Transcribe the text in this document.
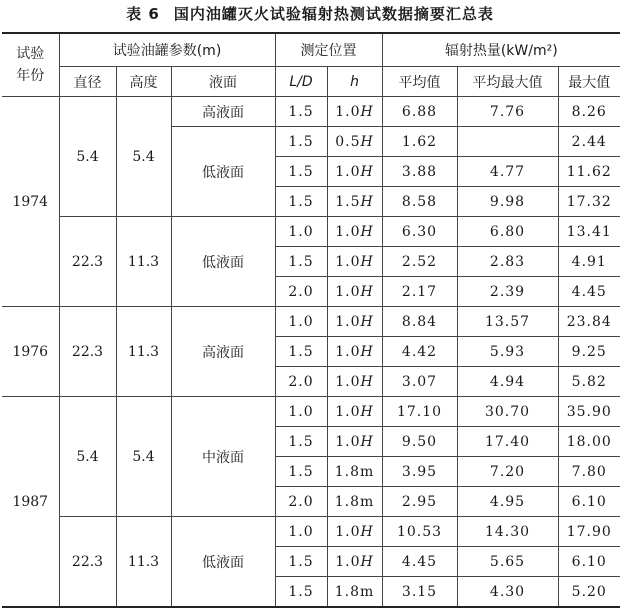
表 6 国内油罐灭火试验辐射热测试数据摘要汇总表
试验
年份	试验油罐参数(m)			测定位置		辐射热量(kW/m²)		
	直径	高度	液面	L/D	h	平均值	平均最大值	最大值
1974	5.4	5.4	高液面	1.5	1.0H	6.88	7.76	8.26
			低液面	1.5	0.5H	1.62		2.44
				1.5	1.0H	3.88	4.77	11.62
				1.5	1.5H	8.58	9.98	17.32
	22.3	11.3	低液面	1.0	1.0H	6.30	6.80	13.41
				1.5	1.0H	2.52	2.83	4.91
				2.0	1.0H	2.17	2.39	4.45
1976	22.3	11.3	高液面	1.0	1.0H	8.84	13.57	23.84
				1.5	1.0H	4.42	5.93	9.25
				2.0	1.0H	3.07	4.94	5.82
1987	5.4	5.4	中液面	1.0	1.0H	17.10	30.70	35.90
				1.5	1.0H	9.50	17.40	18.00
				1.5	1.8m	3.95	7.20	7.80
				2.0	1.8m	2.95	4.95	6.10
	22.3	11.3	低液面	1.0	1.0H	10.53	14.30	17.90
				1.5	1.0H	4.45	5.65	6.10
				1.5	1.8m	3.15	4.30	5.20
